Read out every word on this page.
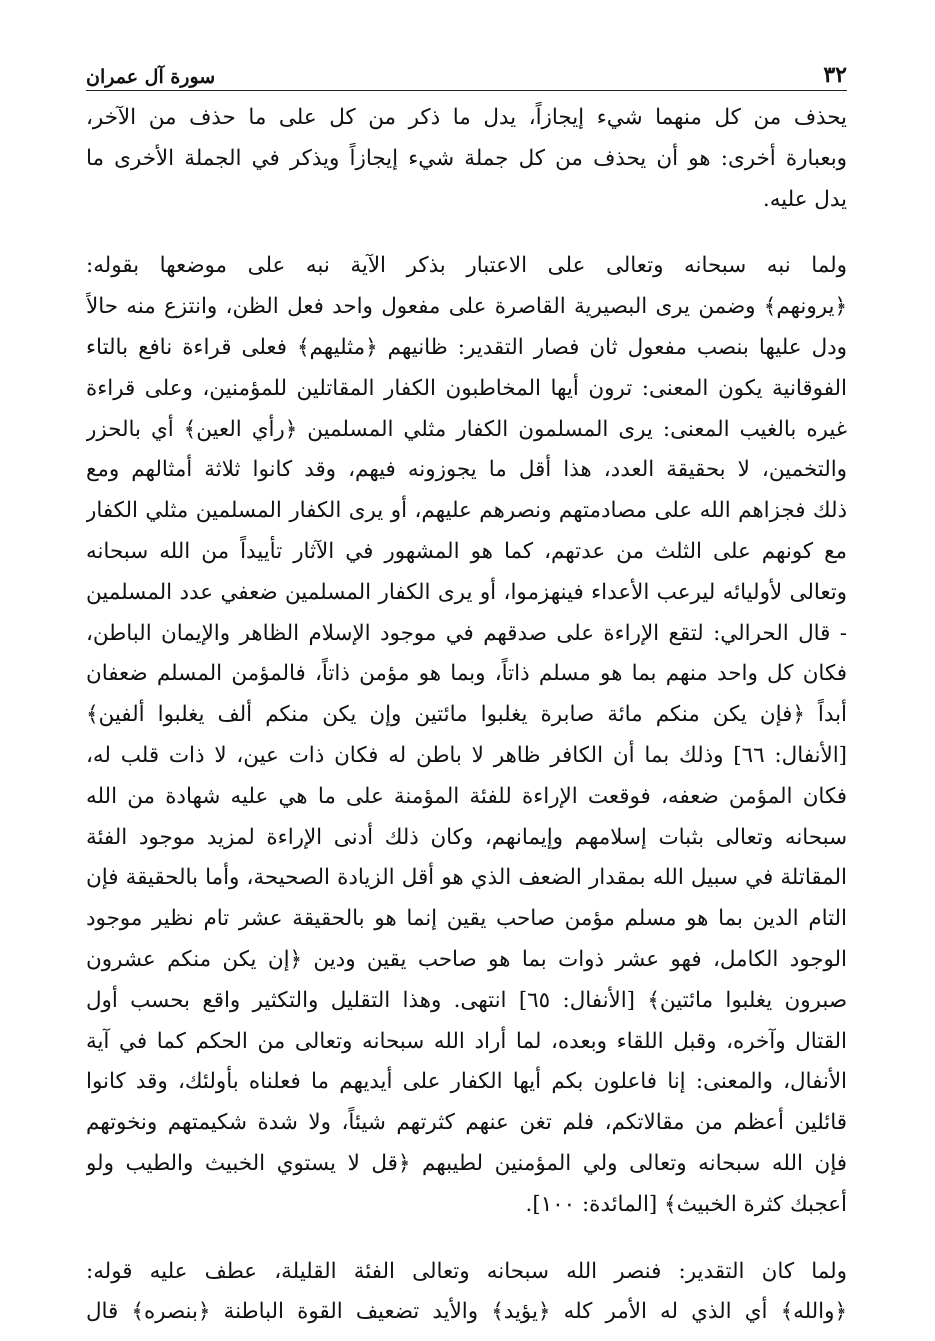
سورة آل عمران	٣٢
يحذف من كل منهما شيء إيجازاً، يدل ما ذكر من كل على ما حذف من الآخر،
وبعبارة أخرى: هو أن يحذف من كل جملة شيء إيجازاً ويذكر في الجملة الأخرى ما
يدل عليه.
ولما نبه سبحانه وتعالى على الاعتبار بذكر الآية نبه على موضعها بقوله:
﴿يرونهم﴾ وضمن يرى البصيرية القاصرة على مفعول واحد فعل الظن، وانتزع منه حالاً
ودل عليها بنصب مفعول ثان فصار التقدير: ظانيهم ﴿مثليهم﴾ فعلى قراءة نافع بالتاء
الفوقانية يكون المعنى: ترون أيها المخاطبون الكفار المقاتلين للمؤمنين، وعلى قراءة
غيره بالغيب المعنى: يرى المسلمون الكفار مثلي المسلمين ﴿رأي العين﴾ أي بالحزر
والتخمين، لا بحقيقة العدد، هذا أقل ما يجوزونه فيهم، وقد كانوا ثلاثة أمثالهم ومع
ذلك فجزاهم الله على مصادمتهم ونصرهم عليهم، أو يرى الكفار المسلمين مثلي الكفار
مع كونهم على الثلث من عدتهم، كما هو المشهور في الآثار تأييداً من الله سبحانه
وتعالى لأوليائه ليرعب الأعداء فينهزموا، أو يرى الكفار المسلمين ضعفي عدد المسلمين
- قال الحرالي: لتقع الإراءة على صدقهم في موجود الإسلام الظاهر والإيمان الباطن،
فكان كل واحد منهم بما هو مسلم ذاتاً، وبما هو مؤمن ذاتاً، فالمؤمن المسلم ضعفان
أبداً ﴿فإن يكن منكم مائة صابرة يغلبوا مائتين وإن يكن منكم ألف يغلبوا ألفين﴾
[الأنفال: ٦٦] وذلك بما أن الكافر ظاهر لا باطن له فكان ذات عين، لا ذات قلب له،
فكان المؤمن ضعفه، فوقعت الإراءة للفئة المؤمنة على ما هي عليه شهادة من الله
سبحانه وتعالى بثبات إسلامهم وإيمانهم، وكان ذلك أدنى الإراءة لمزيد موجود الفئة
المقاتلة في سبيل الله بمقدار الضعف الذي هو أقل الزيادة الصحيحة، وأما بالحقيقة فإن
التام الدين بما هو مسلم مؤمن صاحب يقين إنما هو بالحقيقة عشر تام نظير موجود
الوجود الكامل، فهو عشر ذوات بما هو صاحب يقين ودين ﴿إن يكن منكم عشرون
صبرون يغلبوا مائتين﴾ [الأنفال: ٦٥] انتهى. وهذا التقليل والتكثير واقع بحسب أول
القتال وآخره، وقبل اللقاء وبعده، لما أراد الله سبحانه وتعالى من الحكم كما في آية
الأنفال، والمعنى: إنا فاعلون بكم أيها الكفار على أيديهم ما فعلناه بأولئك، وقد كانوا
قائلين أعظم من مقالاتكم، فلم تغن عنهم كثرتهم شيئاً، ولا شدة شكيمتهم ونخوتهم
فإن الله سبحانه وتعالى ولي المؤمنين لطيبهم ﴿قل لا يستوي الخبيث والطيب ولو
أعجبك كثرة الخبيث﴾ [المائدة: ١٠٠].
ولما كان التقدير: فنصر الله سبحانه وتعالى الفئة القليلة، عطف عليه قوله:
﴿والله﴾ أي الذي له الأمر كله ﴿يؤيد﴾ والأيد تضعيف القوة الباطنة ﴿بنصره﴾ قال
